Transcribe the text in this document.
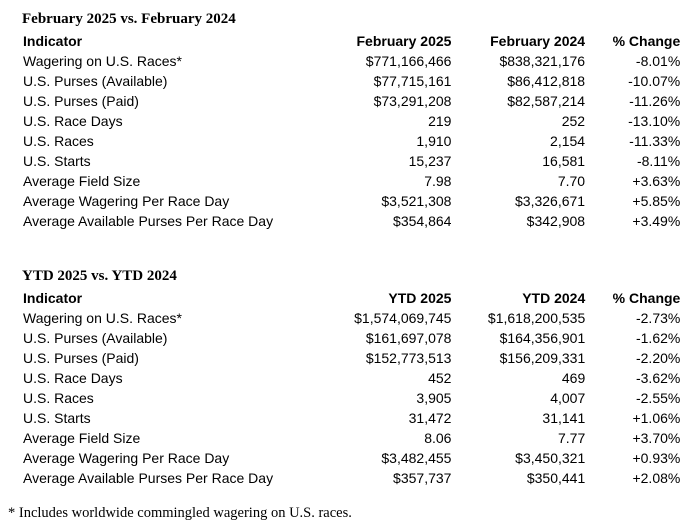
February 2025 vs. February 2024
Indicator	February 2025	February 2024	% Change	
Wagering on U.S. Races*	$771,166,466	$838,321,176	-8.01%	
U.S. Purses (Available)	$77,715,161	$86,412,818	-10.07%	
U.S. Purses (Paid)	$73,291,208	$82,587,214	-11.26%	
U.S. Race Days	219	252	-13.10%	
U.S. Races	1,910	2,154	-11.33%	
U.S. Starts	15,237	16,581	-8.11%	
Average Field Size	7.98	7.70	+3.63%	
Average Wagering Per Race Day	$3,521,308	$3,326,671	+5.85%	
Average Available Purses Per Race Day	$354,864	$342,908	+3.49%	
YTD 2025 vs. YTD 2024
Indicator	YTD 2025	YTD 2024	% Change	
Wagering on U.S. Races*	$1,574,069,745	$1,618,200,535	-2.73%	
U.S. Purses (Available)	$161,697,078	$164,356,901	-1.62%	
U.S. Purses (Paid)	$152,773,513	$156,209,331	-2.20%	
U.S. Race Days	452	469	-3.62%	
U.S. Races	3,905	4,007	-2.55%	
U.S. Starts	31,472	31,141	+1.06%	
Average Field Size	8.06	7.77	+3.70%	
Average Wagering Per Race Day	$3,482,455	$3,450,321	+0.93%	
Average Available Purses Per Race Day	$357,737	$350,441	+2.08%	
* Includes worldwide commingled wagering on U.S. races.
